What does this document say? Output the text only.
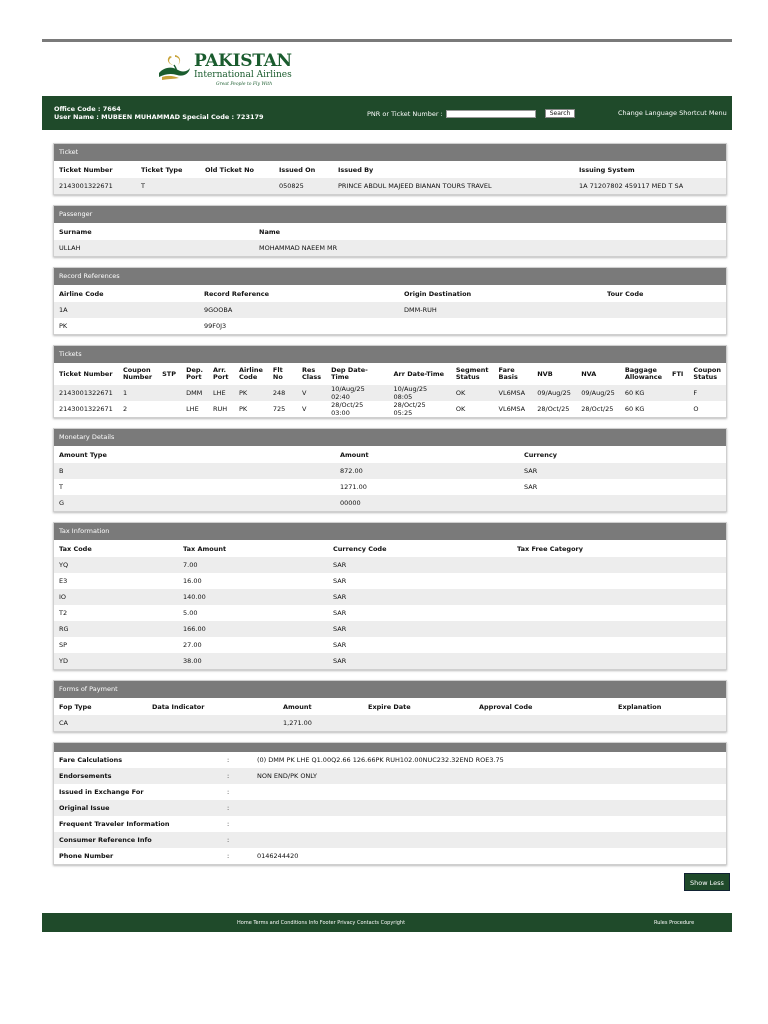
PAKISTAN
International Airlines
Great People to Fly With
Office Code : 7664
User Name : MUBEEN MUHAMMAD Special Code : 723179	PNR or Ticket Number :	Search	Change Language Shortcut Menu
Ticket
Ticket Number	Ticket Type	Old Ticket No	Issued On	Issued By	Issuing System
2143001322671	T		050825	PRINCE ABDUL MAJEED BIANAN TOURS TRAVEL	1A 71207802 459117 MED T SA
Passenger
Surname	Name
ULLAH	MOHAMMAD NAEEM MR
Record References
Airline Code	Record Reference	Origin Destination	Tour Code
1A	9GOOBA	DMM-RUH	
PK	99F0J3		
Tickets
Ticket Number	Coupon Number	STP	Dep. Port	Arr. Port	Airline Code	Flt No	Res Class	Dep Date-Time	Arr Date-Time	Segment Status	Fare Basis	NVB	NVA	Baggage Allowance	FTI	Coupon Status
2143001322671	1		DMM	LHE	PK	248	V	10/Aug/25 02:40	10/Aug/25 08:05	OK	VL6MSA	09/Aug/25	09/Aug/25	60 KG		F
2143001322671	2		LHE	RUH	PK	725	V	28/Oct/25 03:00	28/Oct/25 05:25	OK	VL6MSA	28/Oct/25	28/Oct/25	60 KG		O
Monetary Details
Amount Type	Amount	Currency
B	872.00	SAR
T	1271.00	SAR
G	00000	
Tax Information
Tax Code	Tax Amount	Currency Code	Tax Free Category
YQ	7.00	SAR	
E3	16.00	SAR	
IO	140.00	SAR	
T2	5.00	SAR	
RG	166.00	SAR	
SP	27.00	SAR	
YD	38.00	SAR	
Forms of Payment
Fop Type	Data Indicator	Amount	Expire Date	Approval Code	Explanation
CA		1,271.00			
Fare Calculations	:	(0) DMM PK LHE Q1.00Q2.66 126.66PK RUH102.00NUC232.32END ROE3.75
Endorsements	:	NON END/PK ONLY
Issued in Exchange For	:	
Original Issue	:	
Frequent Traveler Information	:	
Consumer Reference Info	:	
Phone Number	:	0146244420
Show Less
Home Terms and Conditions Info Footer Privacy Contacts Copyright	Rules Procedure
